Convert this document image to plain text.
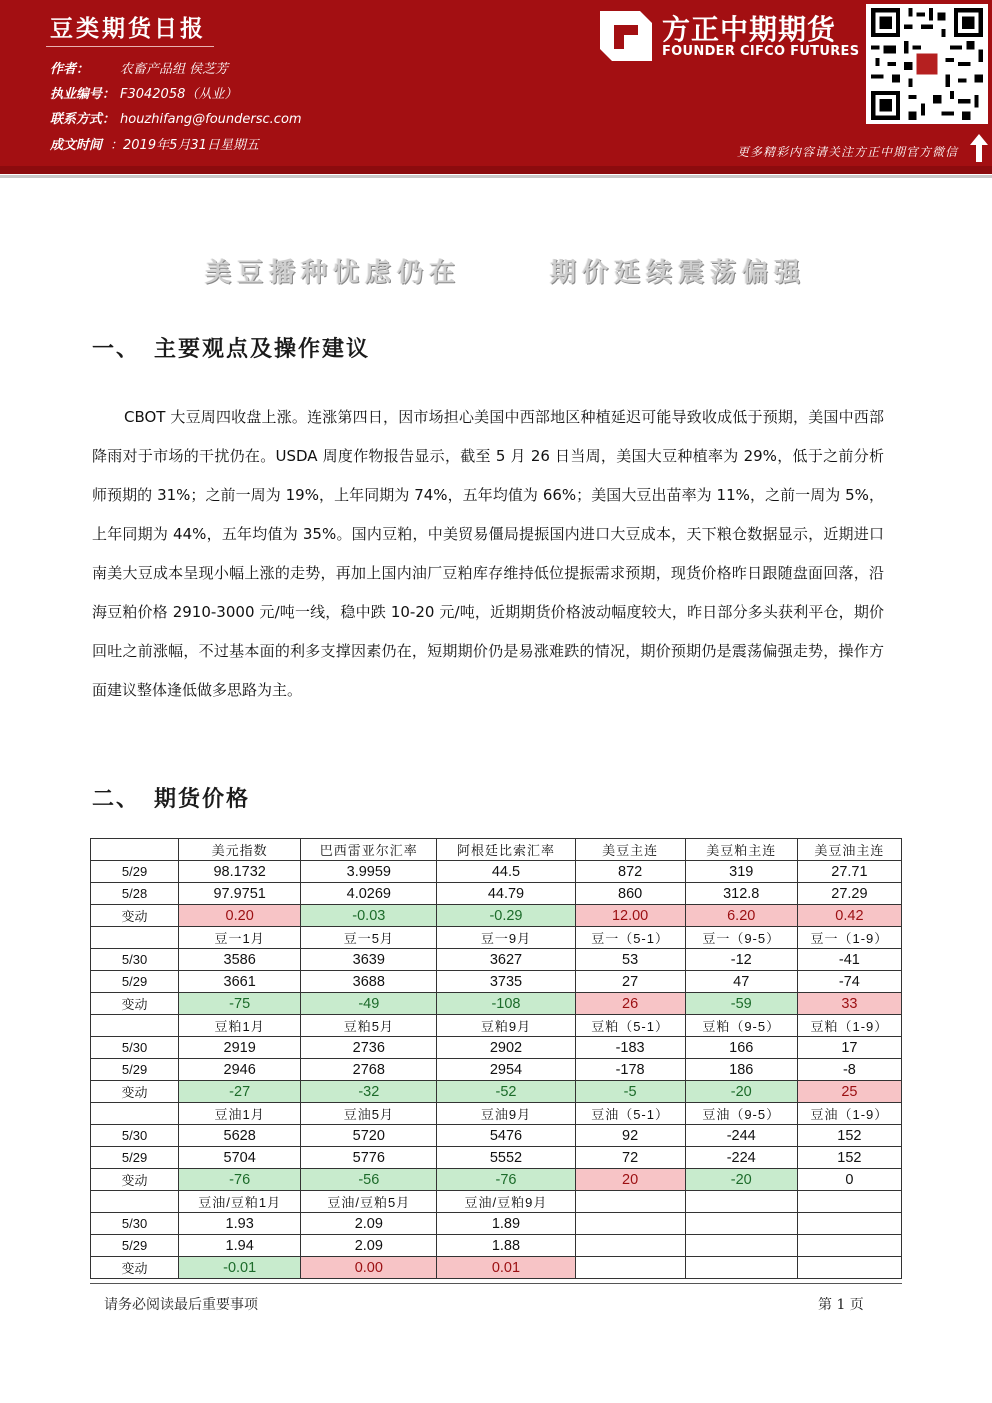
豆类期货日报
作者： 农畜产品组 侯芝芳
执业编号： F3042058（从业）
联系方式： houzhifang@foundersc.com
成文时间 ：2019年5月31日星期五
方正中期期货
FOUNDER CIFCO FUTURES
更多精彩内容请关注方正中期官方微信
美豆播种忧虑仍在	期价延续震荡偏强
一、 主要观点及操作建议
CBOT 大豆周四收盘上涨。连涨第四日，因市场担心美国中西部地区种植延迟可能导致收成低于预期，美国中西部降雨对于市场的干扰仍在。USDA 周度作物报告显示，截至 5 月 26 日当周，美国大豆种植率为 29%，低于之前分析师预期的 31%；之前一周为 19%，上年同期为 74%，五年均值为 66%；美国大豆出苗率为 11%，之前一周为 5%，上年同期为 44%，五年均值为 35%。国内豆粕，中美贸易僵局提振国内进口大豆成本，天下粮仓数据显示，近期进口南美大豆成本呈现小幅上涨的走势，再加上国内油厂豆粕库存维持低位提振需求预期，现货价格昨日跟随盘面回落，沿海豆粕价格 2910-3000 元/吨一线，稳中跌 10-20 元/吨，近期期货价格波动幅度较大，昨日部分多头获利平仓，期价回吐之前涨幅，不过基本面的利多支撑因素仍在，短期期价仍是易涨难跌的情况，期价预期仍是震荡偏强走势，操作方面建议整体逢低做多思路为主。
二、 期货价格
	美元指数	巴西雷亚尔汇率	阿根廷比索汇率	美豆主连	美豆粕主连	美豆油主连
5/29	98.1732	3.9959	44.5	872	319	27.71
5/28	97.9751	4.0269	44.79	860	312.8	27.29
变动	0.20	-0.03	-0.29	12.00	6.20	0.42
	豆一1月	豆一5月	豆一9月	豆一（5-1）	豆一（9-5）	豆一（1-9）
5/30	3586	3639	3627	53	-12	-41
5/29	3661	3688	3735	27	47	-74
变动	-75	-49	-108	26	-59	33
	豆粕1月	豆粕5月	豆粕9月	豆粕（5-1）	豆粕（9-5）	豆粕（1-9）
5/30	2919	2736	2902	-183	166	17
5/29	2946	2768	2954	-178	186	-8
变动	-27	-32	-52	-5	-20	25
	豆油1月	豆油5月	豆油9月	豆油（5-1）	豆油（9-5）	豆油（1-9）
5/30	5628	5720	5476	92	-244	152
5/29	5704	5776	5552	72	-224	152
变动	-76	-56	-76	20	-20	0
	豆油/豆粕1月	豆油/豆粕5月	豆油/豆粕9月			
5/30	1.93	2.09	1.89			
5/29	1.94	2.09	1.88			
变动	-0.01	0.00	0.01			
请务必阅读最后重要事项	第 1 页
